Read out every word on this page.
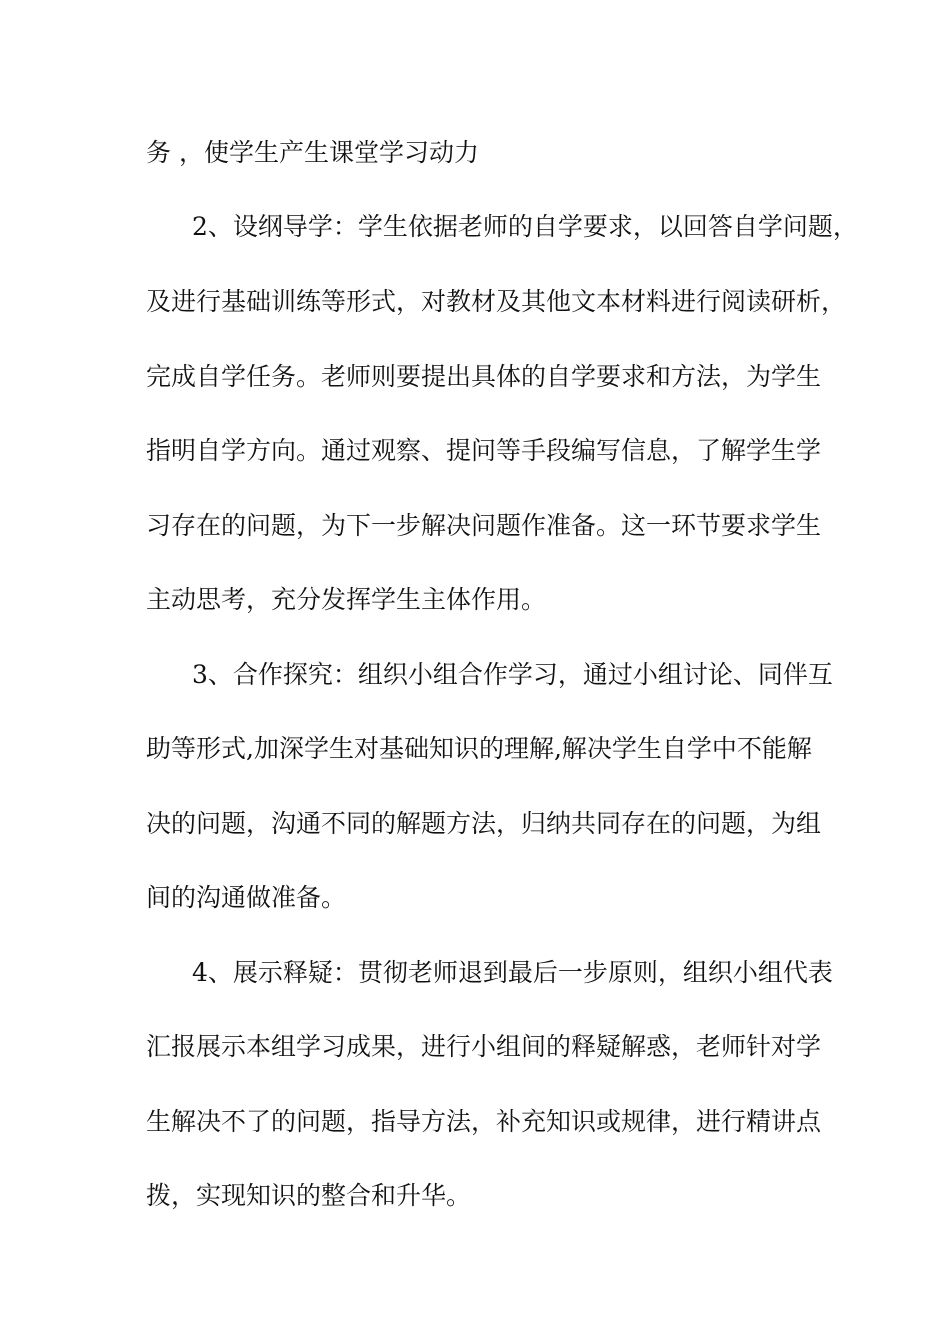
务 ，使学生产生课堂学习动力
2、设纲导学：学生依据老师的自学要求，以回答自学问题，
及进行基础训练等形式，对教材及其他文本材料进行阅读研析，
完成自学任务。老师则要提出具体的自学要求和方法，为学生
指明自学方向。通过观察、提问等手段编写信息，了解学生学
习存在的问题，为下一步解决问题作准备。这一环节要求学生
主动思考，充分发挥学生主体作用。
3、合作探究：组织小组合作学习，通过小组讨论、同伴互
助等形式,加深学生对基础知识的理解,解决学生自学中不能解
决的问题，沟通不同的解题方法，归纳共同存在的问题，为组
间的沟通做准备。
4、展示释疑：贯彻老师退到最后一步原则，组织小组代表
汇报展示本组学习成果，进行小组间的释疑解惑，老师针对学
生解决不了的问题，指导方法，补充知识或规律，进行精讲点
拨，实现知识的整合和升华。
